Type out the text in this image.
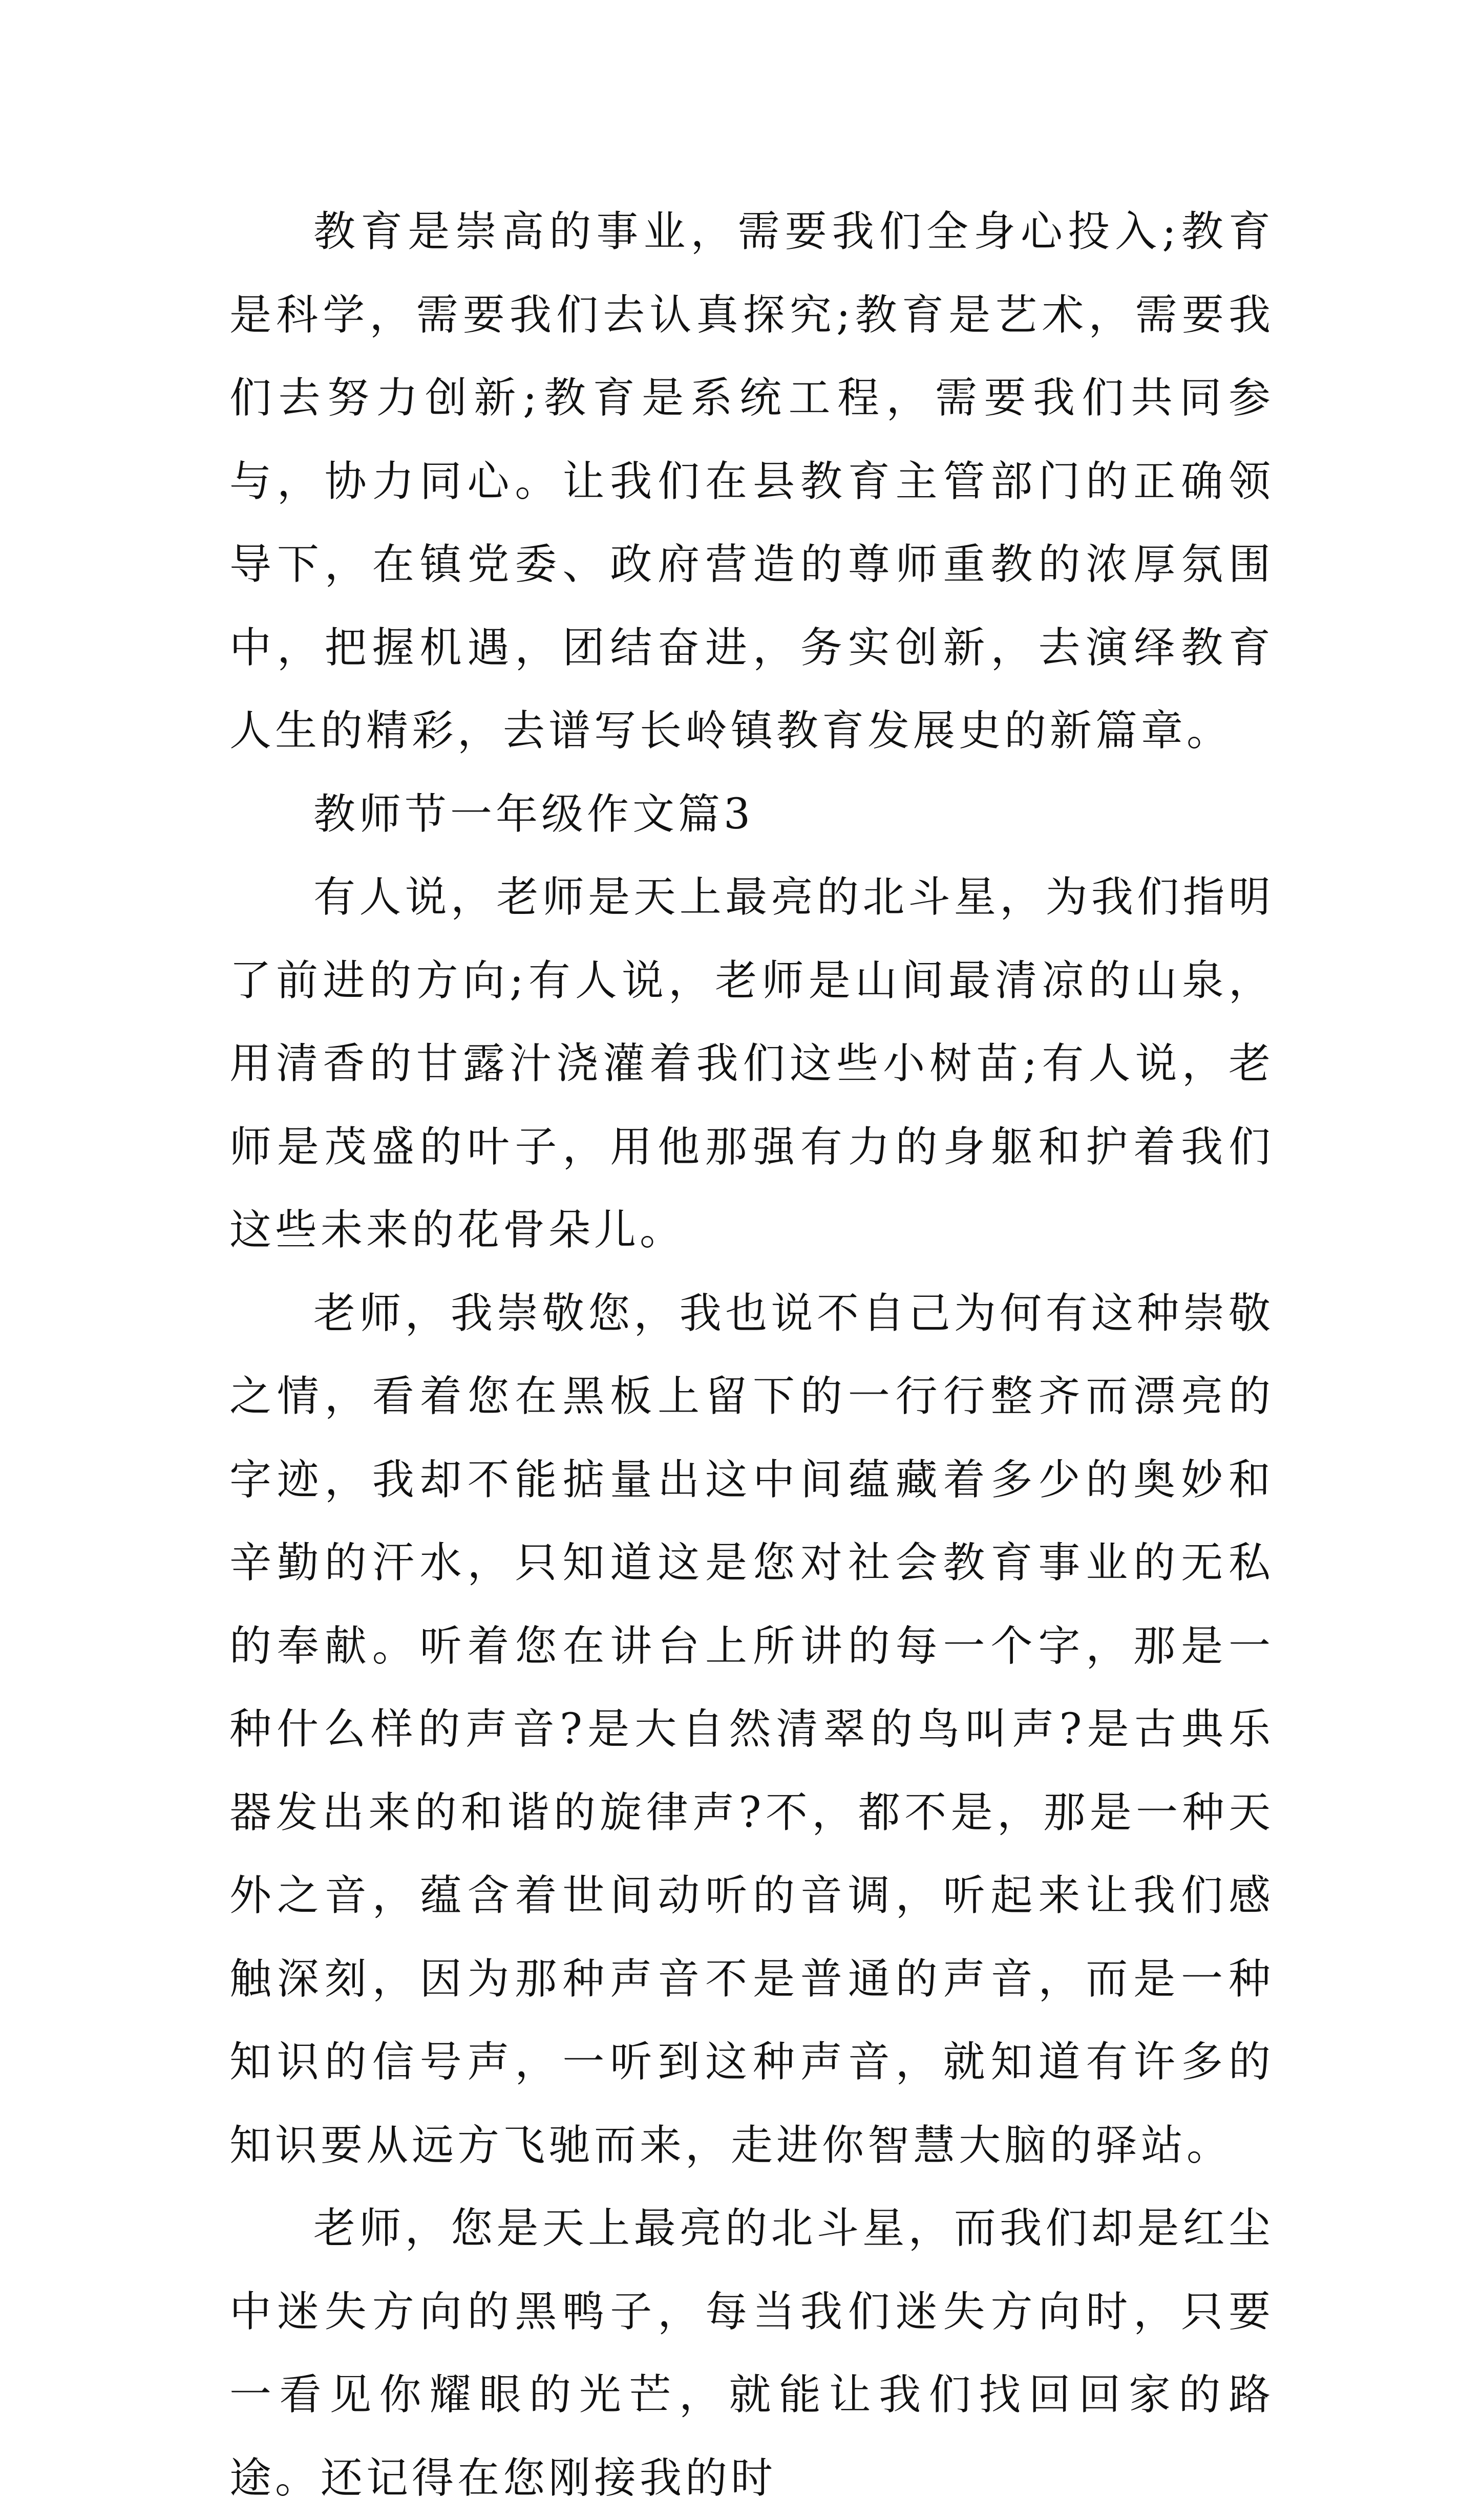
教育是崇高的事业，需要我们全身心投入;教育是科学，需要我们去认真探究;教育是艺术，需要我们去努力创新;教育是系统工程，需要我们共同参与，协力同心。让我们在县教育主管部门的正确领导下，在镇党委、政府营造的尊师重教的浓厚氛围中，把握机遇，团结奋进，务实创新，去演绎教育人生的精彩，去谱写长岭镇教育发展史的新篇章。

教师节一年级作文篇3

有人说，老师是天上最亮的北斗星，为我们指明了前进的方向;有人说，老师是山间最清凉的山泉，用清香的甘露汁浇灌着我们这些小树苗;有人说，老师是茂盛的叶子，用他那强有力的身躯和护着我们这些未来的花骨朵儿。

老师，我崇敬您，我也说不自己为何有这种崇敬之情，看着您在黑板上留下的一行行整齐而漂亮的字迹，我却不能掂量出这中间蕴藏着多少的奥妙和辛勤的汗水，只知道这是您对社会教育事业的无私的奉献。听着您在讲台上所讲的每一个字，那是一种什么样的声音?是大自然清翠的鸟叫声?是古典乐器发出来的和谐的旋律声?不，都不是，那是一种天外之音，蕴含着世间动听的音调，听起来让我们感触深刻，因为那种声音不是普通的声音，而是一种知识的信号声，一听到这种声音，就知道有许多的知识要从远方飞驰而来，走进你智慧大脑的驿站。

老师，您是天上最亮的北斗星，而我们却是红尘中迷失方向的黑鸭子，每当我们迷失方向时，只要一看见你耀眼的光芒，就能让我们找回回家的路途。还记得在您刚接我的时
